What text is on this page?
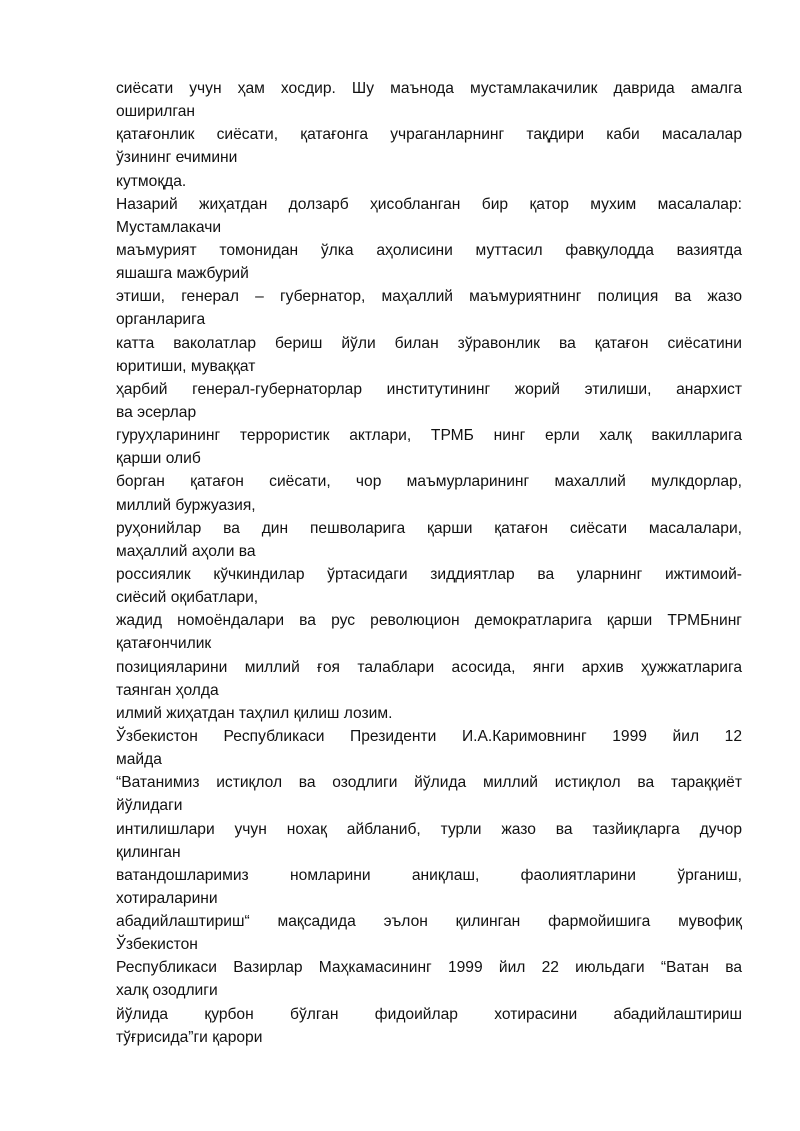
сиёсати учун ҳам хосдир. Шу маънода мустамлакачилик даврида амалга
оширилган
қатағонлик сиёсати, қатағонга учраганларнинг тақдири каби масалалар
ўзининг ечимини
кутмоқда.
Назарий жиҳатдан долзарб ҳисобланган бир қатор мухим масалалар:
Мустамлакачи
маъмурият томонидан ўлка аҳолисини муттасил фавқулодда вазиятда
яшашга мажбурий
этиши, генерал – губернатор, маҳаллий маъмуриятнинг полиция ва жазо
органларига
катта ваколатлар бериш йўли билан зўравонлик ва қатағон сиёсатини
юритиши, муваққат
ҳарбий генерал-губернаторлар институтининг жорий этилиши, анархист
ва эсерлар
гуруҳларининг террористик актлари, ТРМБ нинг ерли халқ вакилларига
қарши олиб
борган қатағон сиёсати, чор маъмурларининг махаллий мулкдорлар,
миллий буржуазия,
руҳонийлар ва дин пешволарига қарши қатағон сиёсати масалалари,
маҳаллий аҳоли ва
россиялик кўчкиндилар ўртасидаги зиддиятлар ва уларнинг ижтимоий-
сиёсий оқибатлари,
жадид номоёндалари ва рус революцион демократларига қарши ТРМБнинг
қатағончилик
позицияларини миллий ғоя талаблари асосида, янги архив ҳужжатларига
таянган ҳолда
илмий жиҳатдан таҳлил қилиш лозим.
Ўзбекистон Республикаси Президенти И.А.Каримовнинг 1999 йил 12
майда
“Ватанимиз истиқлол ва озодлиги йўлида миллий истиқлол ва тараққиёт
йўлидаги
интилишлари учун нохақ айбланиб, турли жазо ва тазйиқларга дучор
қилинган
ватандошларимиз номларини аниқлаш, фаолиятларини ўрганиш,
хотираларини
абадийлаштириш“ мақсадида эълон қилинган фармойишига мувофиқ
Ўзбекистон
Республикаси Вазирлар Маҳкамасининг 1999 йил 22 июльдаги “Ватан ва
халқ озодлиги
йўлида қурбон бўлган фидоийлар хотирасини абадийлаштириш
тўғрисида”ги қарори
